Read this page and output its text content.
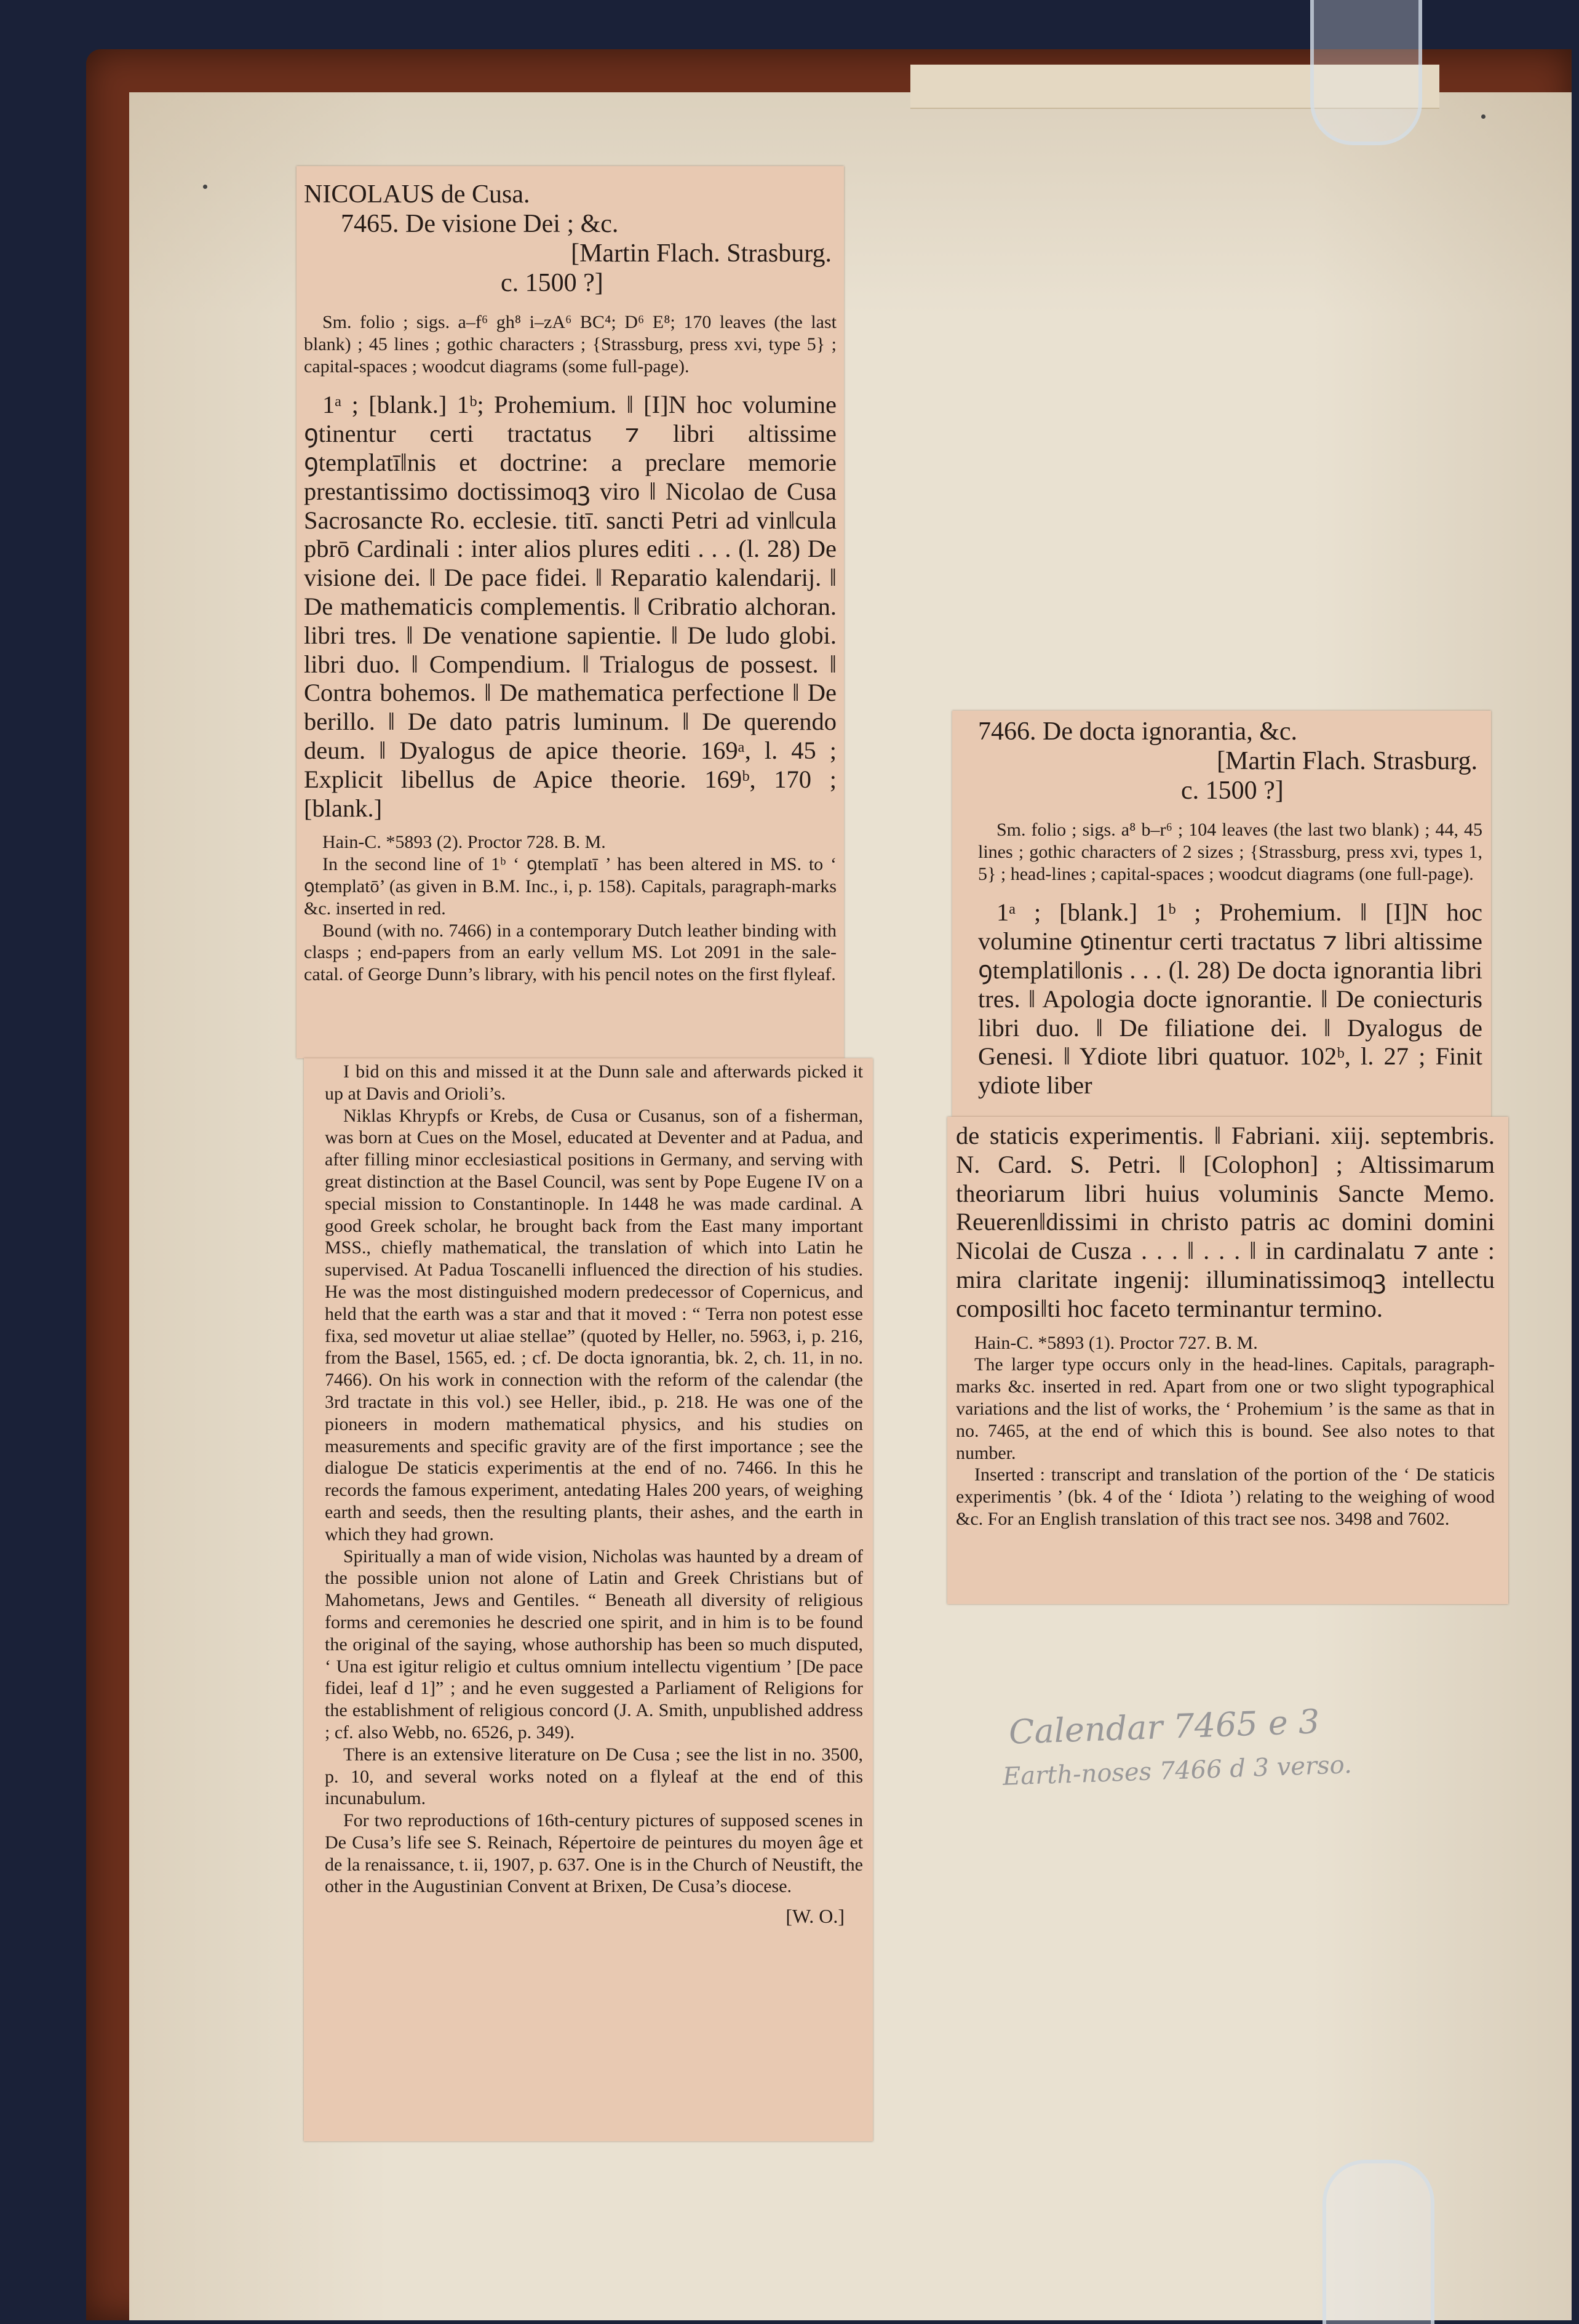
NICOLAUS de Cusa.

7465. De visione Dei ; &c.

[Martin Flach. Strasburg.

c. 1500 ?]

Sm. folio ; sigs. a–f⁶ gh⁸ i–zA⁶ BC⁴; D⁶ E⁸; 170 leaves (the last blank) ; 45 lines ; gothic characters ; {Strassburg, press xvi, type 5} ; capital-spaces ; woodcut diagrams (some full-page).

1ᵃ ; [blank.] 1ᵇ; Prohemium. ‖ [I]N hoc volumine ꝯtinentur certi tractatus ⁊ libri altissime ꝯtemplatī‖nis et doctrine: a preclare memorie prestantissimo doctissimoqꝫ viro ‖ Nicolao de Cusa Sacrosancte Ro. ecclesie. titī. sancti Petri ad vin‖cula pbrō Cardinali : inter alios plures editi . . . (l. 28) De visione dei. ‖ De pace fidei. ‖ Reparatio kalendarij. ‖ De mathematicis complementis. ‖ Cribratio alchoran. libri tres. ‖ De venatione sapientie. ‖ De ludo globi. libri duo. ‖ Compendium. ‖ Trialogus de possest. ‖ Contra bohemos. ‖ De mathematica perfectione ‖ De berillo. ‖ De dato patris luminum. ‖ De querendo deum. ‖ Dyalogus de apice theorie. 169ᵃ, l. 45 ; Explicit libellus de Apice theorie. 169ᵇ, 170 ; [blank.]

Hain-C. *5893 (2). Proctor 728. B. M.

In the second line of 1ᵇ ‘ ꝯtemplatī ’ has been altered in MS. to ‘ ꝯtemplatō’ (as given in B.M. Inc., i, p. 158). Capitals, paragraph-marks &c. inserted in red.

Bound (with no. 7466) in a contemporary Dutch leather binding with clasps ; end-papers from an early vellum MS. Lot 2091 in the sale-catal. of George Dunn’s library, with his pencil notes on the first flyleaf.

I bid on this and missed it at the Dunn sale and afterwards picked it up at Davis and Orioli’s.

Niklas Khrypfs or Krebs, de Cusa or Cusanus, son of a fisherman, was born at Cues on the Mosel, educated at Deventer and at Padua, and after filling minor ecclesiastical positions in Germany, and serving with great distinction at the Basel Council, was sent by Pope Eugene IV on a special mission to Constantinople. In 1448 he was made cardinal. A good Greek scholar, he brought back from the East many important MSS., chiefly mathematical, the translation of which into Latin he supervised. At Padua Toscanelli influenced the direction of his studies. He was the most distinguished modern predecessor of Copernicus, and held that the earth was a star and that it moved : “ Terra non potest esse fixa, sed movetur ut aliae stellae” (quoted by Heller, no. 5963, i, p. 216, from the Basel, 1565, ed. ; cf. De docta ignorantia, bk. 2, ch. 11, in no. 7466). On his work in connection with the reform of the calendar (the 3rd tractate in this vol.) see Heller, ibid., p. 218. He was one of the pioneers in modern mathematical physics, and his studies on measurements and specific gravity are of the first importance ; see the dialogue De staticis experimentis at the end of no. 7466. In this he records the famous experiment, antedating Hales 200 years, of weighing earth and seeds, then the resulting plants, their ashes, and the earth in which they had grown.

Spiritually a man of wide vision, Nicholas was haunted by a dream of the possible union not alone of Latin and Greek Christians but of Mahometans, Jews and Gentiles. “ Beneath all diversity of religious forms and ceremonies he descried one spirit, and in him is to be found the original of the saying, whose authorship has been so much disputed, ‘ Una est igitur religio et cultus omnium intellectu vigentium ’ [De pace fidei, leaf d 1]” ; and he even suggested a Parliament of Religions for the establishment of religious concord (J. A. Smith, unpublished address ; cf. also Webb, no. 6526, p. 349).

There is an extensive literature on De Cusa ; see the list in no. 3500, p. 10, and several works noted on a flyleaf at the end of this incunabulum.

For two reproductions of 16th-century pictures of supposed scenes in De Cusa’s life see S. Reinach, Répertoire de peintures du moyen âge et de la renaissance, t. ii, 1907, p. 637. One is in the Church of Neustift, the other in the Augustinian Convent at Brixen, De Cusa’s diocese.

[W. O.]

7466. De docta ignorantia, &c.

[Martin Flach. Strasburg.

c. 1500 ?]

Sm. folio ; sigs. a⁸ b–r⁶ ; 104 leaves (the last two blank) ; 44, 45 lines ; gothic characters of 2 sizes ; {Strassburg, press xvi, types 1, 5} ; head-lines ; capital-spaces ; woodcut diagrams (one full-page).

1ᵃ ; [blank.] 1ᵇ ; Prohemium. ‖ [I]N hoc volumine ꝯtinentur certi tractatus ⁊ libri altissime ꝯtemplati‖onis . . . (l. 28) De docta ignorantia libri tres. ‖ Apologia docte ignorantie. ‖ De coniecturis libri duo. ‖ De filiatione dei. ‖ Dyalogus de Genesi. ‖ Ydiote libri quatuor. 102ᵇ, l. 27 ; Finit ydiote liber

de staticis experimentis. ‖ Fabriani. xiij. septembris. N. Card. S. Petri. ‖ [Colophon] ; Altissimarum theoriarum libri huius voluminis Sancte Memo. Reueren‖dissimi in christo patris ac domini domini Nicolai de Cusza . . . ‖ . . . ‖ in cardinalatu ⁊ ante : mira claritate ingenij: illuminatissimoqꝫ intellectu composi‖ti hoc faceto terminantur termino.

Hain-C. *5893 (1). Proctor 727. B. M.

The larger type occurs only in the head-lines. Capitals, paragraph-marks &c. inserted in red. Apart from one or two slight typographical variations and the list of works, the ‘ Prohemium ’ is the same as that in no. 7465, at the end of which this is bound. See also notes to that number.

Inserted : transcript and translation of the portion of the ‘ De staticis experimentis ’ (bk. 4 of the ‘ Idiota ’) relating to the weighing of wood &c. For an English translation of this tract see nos. 3498 and 7602.

Calendar 7465 e 3
Earth-noses 7466 d 3 verso.
